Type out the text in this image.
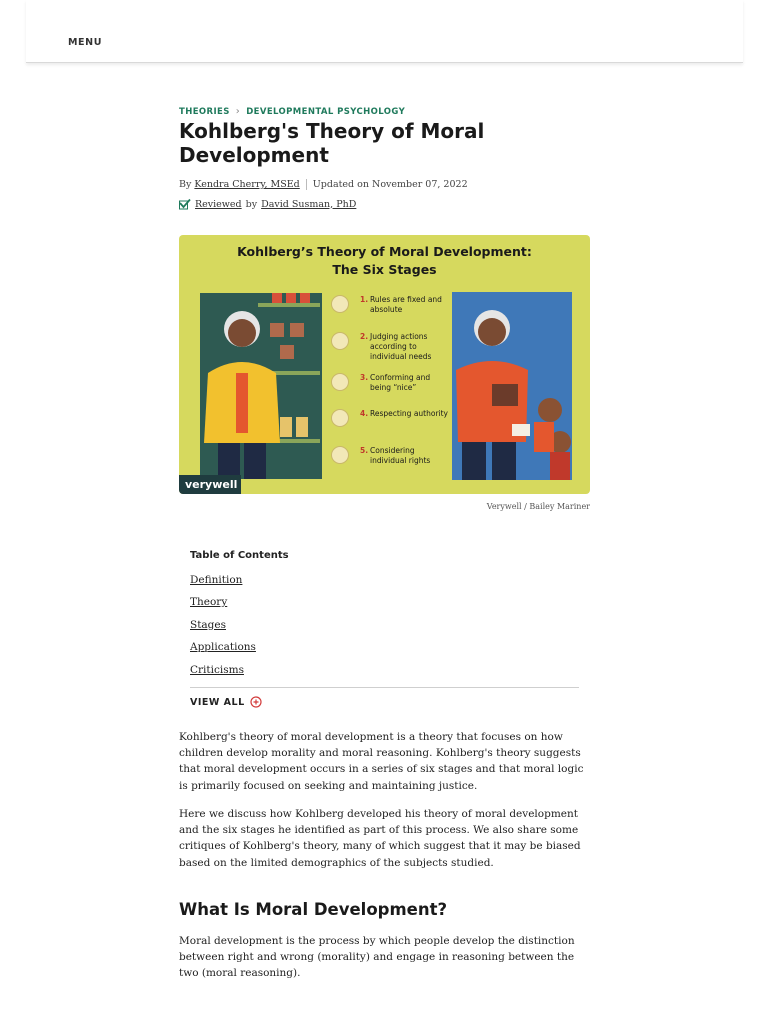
MENU
THEORIES › DEVELOPMENTAL PSYCHOLOGY
Kohlberg's Theory of Moral Development
By
Kendra Cherry, MSEd Updated on November 07, 2022
Reviewed by David Susman, PhD
Kohlberg’s Theory of Moral Development:
The Six Stages
1. Rules are fixed and absolute
2. Judging actions according to individual needs
3. Conforming and being “nice”
4. Respecting authority
5. Considering individual rights
verywell
Verywell / Bailey Mariner
Table of Contents
Definition
Theory
Stages
Applications
Criticisms
VIEW ALL

Kohlberg's theory of moral development is a theory that focuses on how children develop morality and moral reasoning. Kohlberg's theory suggests that moral development occurs in a series of six stages and that moral logic is primarily focused on seeking and maintaining justice.

Here we discuss how Kohlberg developed his theory of moral development and the six stages he identified as part of this process. We also share some critiques of Kohlberg's theory, many of which suggest that it may be biased based on the limited demographics of the subjects studied.

What Is Moral Development?

Moral development is the process by which people develop the distinction between right and wrong (morality) and engage in reasoning between the two (moral reasoning).
